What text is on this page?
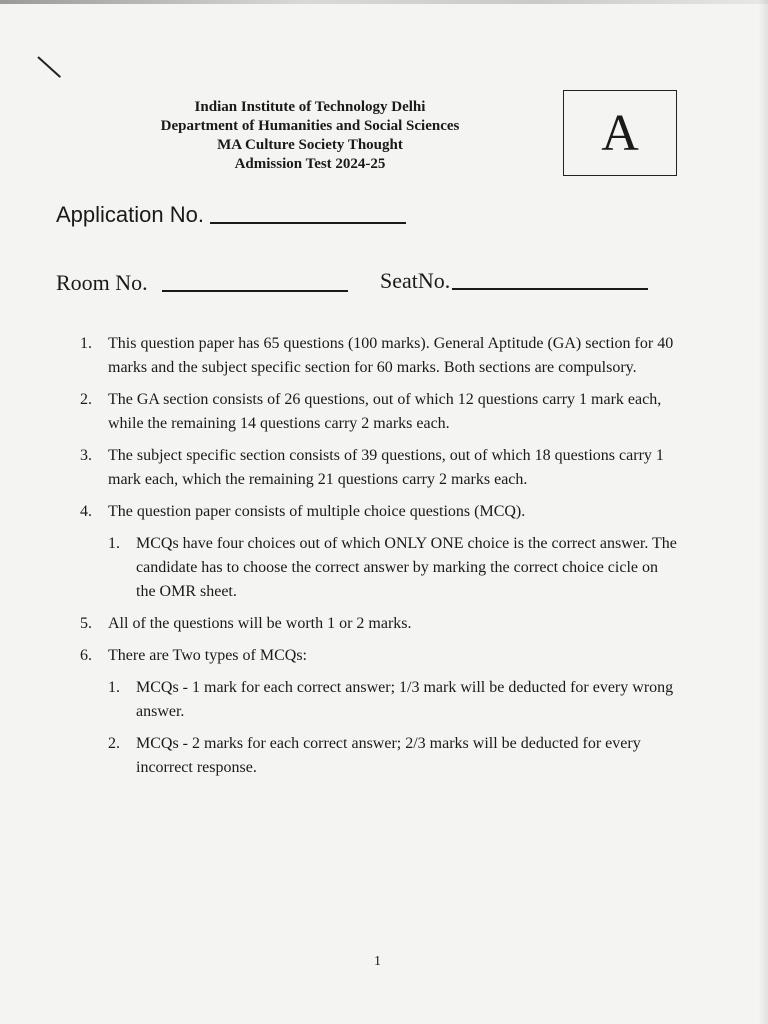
Indian Institute of Technology Delhi
Department of Humanities and Social Sciences
MA Culture Society Thought
Admission Test 2024-25
A
Application No.
Room No.	SeatNo.
1.	This question paper has 65 questions (100 marks). General Aptitude (GA) section for 40 marks and the subject specific section for 60 marks. Both sections are compulsory.
2.	The GA section consists of 26 questions, out of which 12 questions carry 1 mark each, while the remaining 14 questions carry 2 marks each.
3.	The subject specific section consists of 39 questions, out of which 18 questions carry 1 mark each, which the remaining 21 questions carry 2 marks each.
4.	The question paper consists of multiple choice questions (MCQ).
1.	MCQs have four choices out of which ONLY ONE choice is the correct answer. The candidate has to choose the correct answer by marking the correct choice cicle on the OMR sheet.
5.	All of the questions will be worth 1 or 2 marks.
6.	There are Two types of MCQs:
1.	MCQs - 1 mark for each correct answer; 1/3 mark will be deducted for every wrong answer.
2.	MCQs - 2 marks for each correct answer; 2/3 marks will be deducted for every incorrect response.
1
